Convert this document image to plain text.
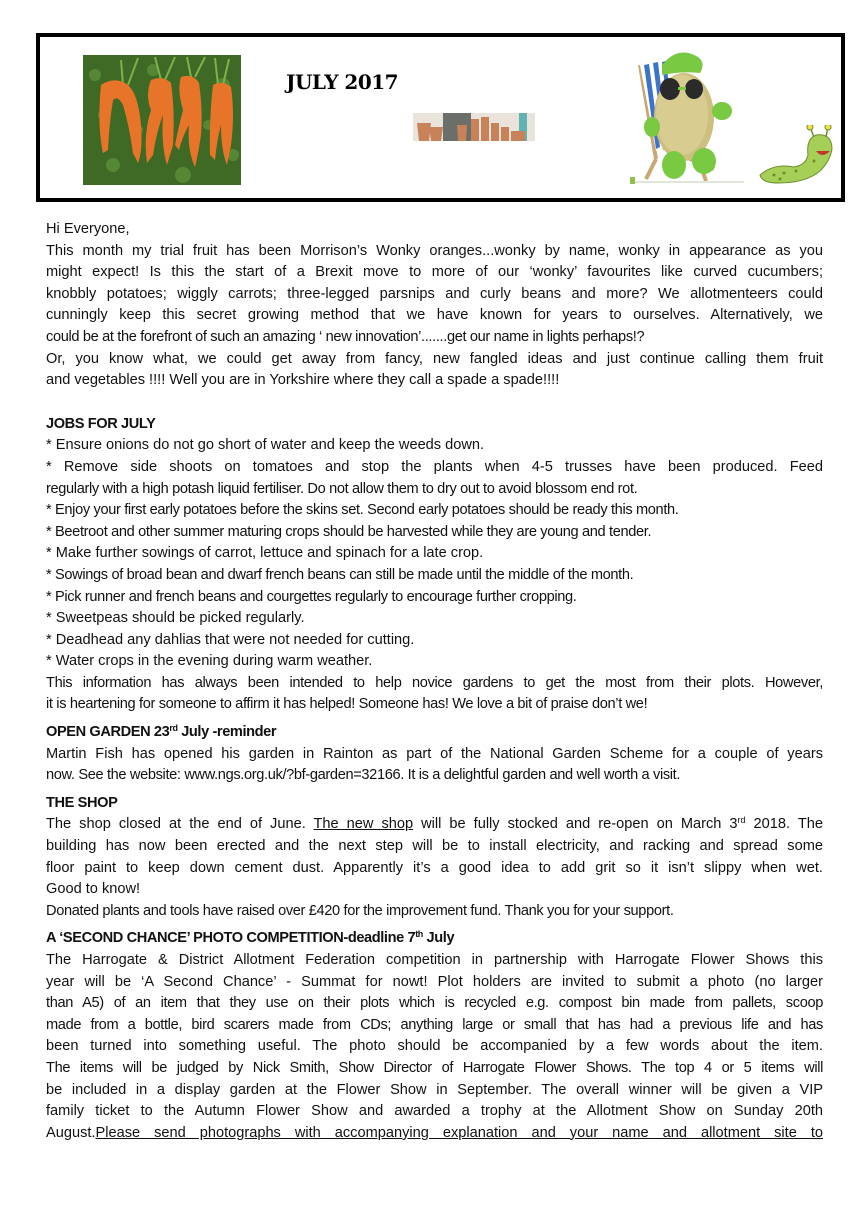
JULY 2017
Hi Everyone,
This month my trial fruit has been Morrison’s Wonky oranges...wonky by name, wonky in appearance as you
might expect! Is this the start of a Brexit move to more of our ‘wonky’ favourites like curved cucumbers;
knobbly potatoes; wiggly carrots; three-legged parsnips and curly beans and more? We allotmenteers could
cunningly keep this secret growing method that we have known for years to ourselves. Alternatively, we
could be at the forefront of such an amazing ‘ new innovation’.......get our name in lights perhaps!?
Or, you know what, we could get away from fancy, new fangled ideas and just continue calling them fruit
and vegetables !!!! Well you are in Yorkshire where they call a spade a spade!!!!
JOBS FOR JULY
* Ensure onions do not go short of water and keep the weeds down.
* Remove side shoots on tomatoes and stop the plants when 4-5 trusses have been produced. Feed
regularly with a high potash liquid fertiliser. Do not allow them to dry out to avoid blossom end rot.
* Enjoy your first early potatoes before the skins set. Second early potatoes should be ready this month.
* Beetroot and other summer maturing crops should be harvested while they are young and tender.
* Make further sowings of carrot, lettuce and spinach for a late crop.
* Sowings of broad bean and dwarf french beans can still be made until the middle of the month.
* Pick runner and french beans and courgettes regularly to encourage further cropping.
* Sweetpeas should be picked regularly.
* Deadhead any dahlias that were not needed for cutting.
* Water crops in the evening during warm weather.
This information has always been intended to help novice gardens to get the most from their plots. However,
it is heartening for someone to affirm it has helped! Someone has! We love a bit of praise don’t we!
OPEN GARDEN 23rd July -reminder
Martin Fish has opened his garden in Rainton as part of the National Garden Scheme for a couple of years
now. See the website: www.ngs.org.uk/?bf-garden=32166. It is a delightful garden and well worth a visit.
THE SHOP
The shop closed at the end of June. The new shop will be fully stocked and re-open on March 3rd 2018. The
building has now been erected and the next step will be to install electricity, and racking and spread some
floor paint to keep down cement dust. Apparently it’s a good idea to add grit so it isn’t slippy when wet.
Good to know!
Donated plants and tools have raised over £420 for the improvement fund. Thank you for your support.
A ‘SECOND CHANCE’ PHOTO COMPETITION-deadline 7th July
The Harrogate & District Allotment Federation competition in partnership with Harrogate Flower Shows this
year will be ‘A Second Chance’ - Summat for nowt! Plot holders are invited to submit a photo (no larger
than A5) of an item that they use on their plots which is recycled e.g. compost bin made from pallets, scoop
made from a bottle, bird scarers made from CDs; anything large or small that has had a previous life and has
been turned into something useful. The photo should be accompanied by a few words about the item.
The items will be judged by Nick Smith, Show Director of Harrogate Flower Shows. The top 4 or 5 items will
be included in a display garden at the Flower Show in September. The overall winner will be given a VIP
family ticket to the Autumn Flower Show and awarded a trophy at the Allotment Show on Sunday 20th
August.Please send photographs with accompanying explanation and your name and allotment site to
